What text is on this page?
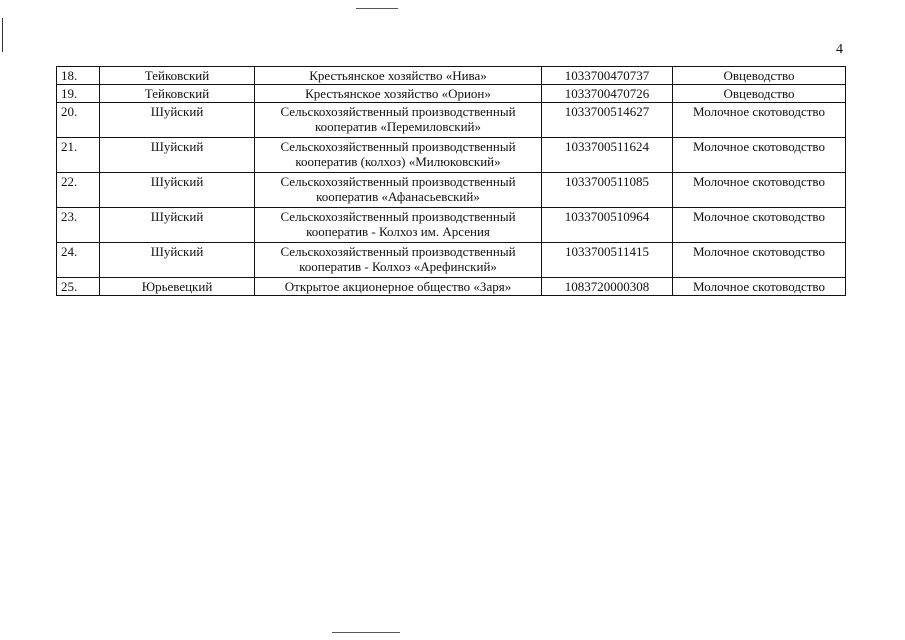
4
18.	Тейковский	Крестьянское хозяйство «Нива»	1033700470737	Овцеводство
19.	Тейковский	Крестьянское хозяйство «Орион»	1033700470726	Овцеводство
20.	Шуйский	Сельскохозяйственный производственный кооператив «Перемиловский»	1033700514627	Молочное скотоводство
21.	Шуйский	Сельскохозяйственный производственный кооператив (колхоз) «Милюковский»	1033700511624	Молочное скотоводство
22.	Шуйский	Сельскохозяйственный производственный кооператив «Афанасьевский»	1033700511085	Молочное скотоводство
23.	Шуйский	Сельскохозяйственный производственный кооператив - Колхоз им. Арсения	1033700510964	Молочное скотоводство
24.	Шуйский	Сельскохозяйственный производственный кооператив - Колхоз «Арефинский»	1033700511415	Молочное скотоводство
25.	Юрьевецкий	Открытое акционерное общество «Заря»	1083720000308	Молочное скотоводство
